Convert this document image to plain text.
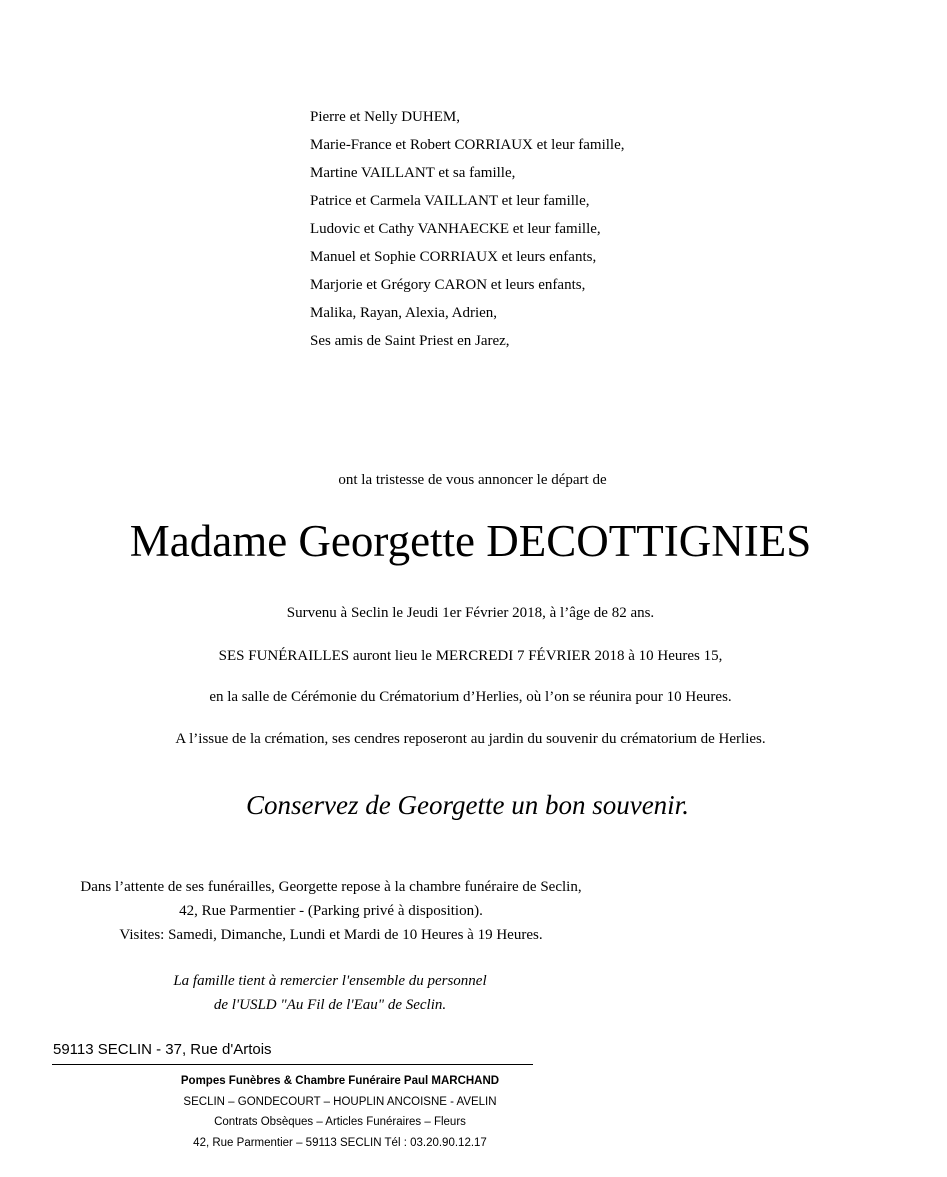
Pierre et Nelly DUHEM,
Marie-France et Robert CORRIAUX et leur famille,
Martine VAILLANT et sa famille,
Patrice et Carmela VAILLANT et leur famille,
Ludovic et Cathy VANHAECKE et leur famille,
Manuel et Sophie CORRIAUX et leurs enfants,
Marjorie et Grégory CARON et leurs enfants,
Malika, Rayan, Alexia, Adrien,
Ses amis de Saint Priest en Jarez,

ont la tristesse de vous annoncer le départ de

Madame Georgette DECOTTIGNIES

Survenu à Seclin le Jeudi 1er Février 2018, à l’âge de 82 ans.

SES FUNÉRAILLES auront lieu le MERCREDI 7 FÉVRIER 2018 à 10 Heures 15,

en la salle de Cérémonie du Crématorium d’Herlies, où l’on se réunira pour 10 Heures.

A l’issue de la crémation, ses cendres reposeront au jardin du souvenir du crématorium de Herlies.

Conservez de Georgette un bon souvenir.

Dans l’attente de ses funérailles, Georgette repose à la chambre funéraire de Seclin,
42, Rue Parmentier - (Parking privé à disposition).
Visites: Samedi, Dimanche, Lundi et Mardi de 10 Heures à 19 Heures.
La famille tient à remercier l'ensemble du personnel
de l'USLD "Au Fil de l'Eau" de Seclin.
59113 SECLIN - 37, Rue d'Artois
Pompes Funèbres & Chambre Funéraire Paul MARCHAND
SECLIN – GONDECOURT – HOUPLIN ANCOISNE - AVELIN
Contrats Obsèques – Articles Funéraires – Fleurs
42, Rue Parmentier – 59113 SECLIN Tél : 03.20.90.12.17
